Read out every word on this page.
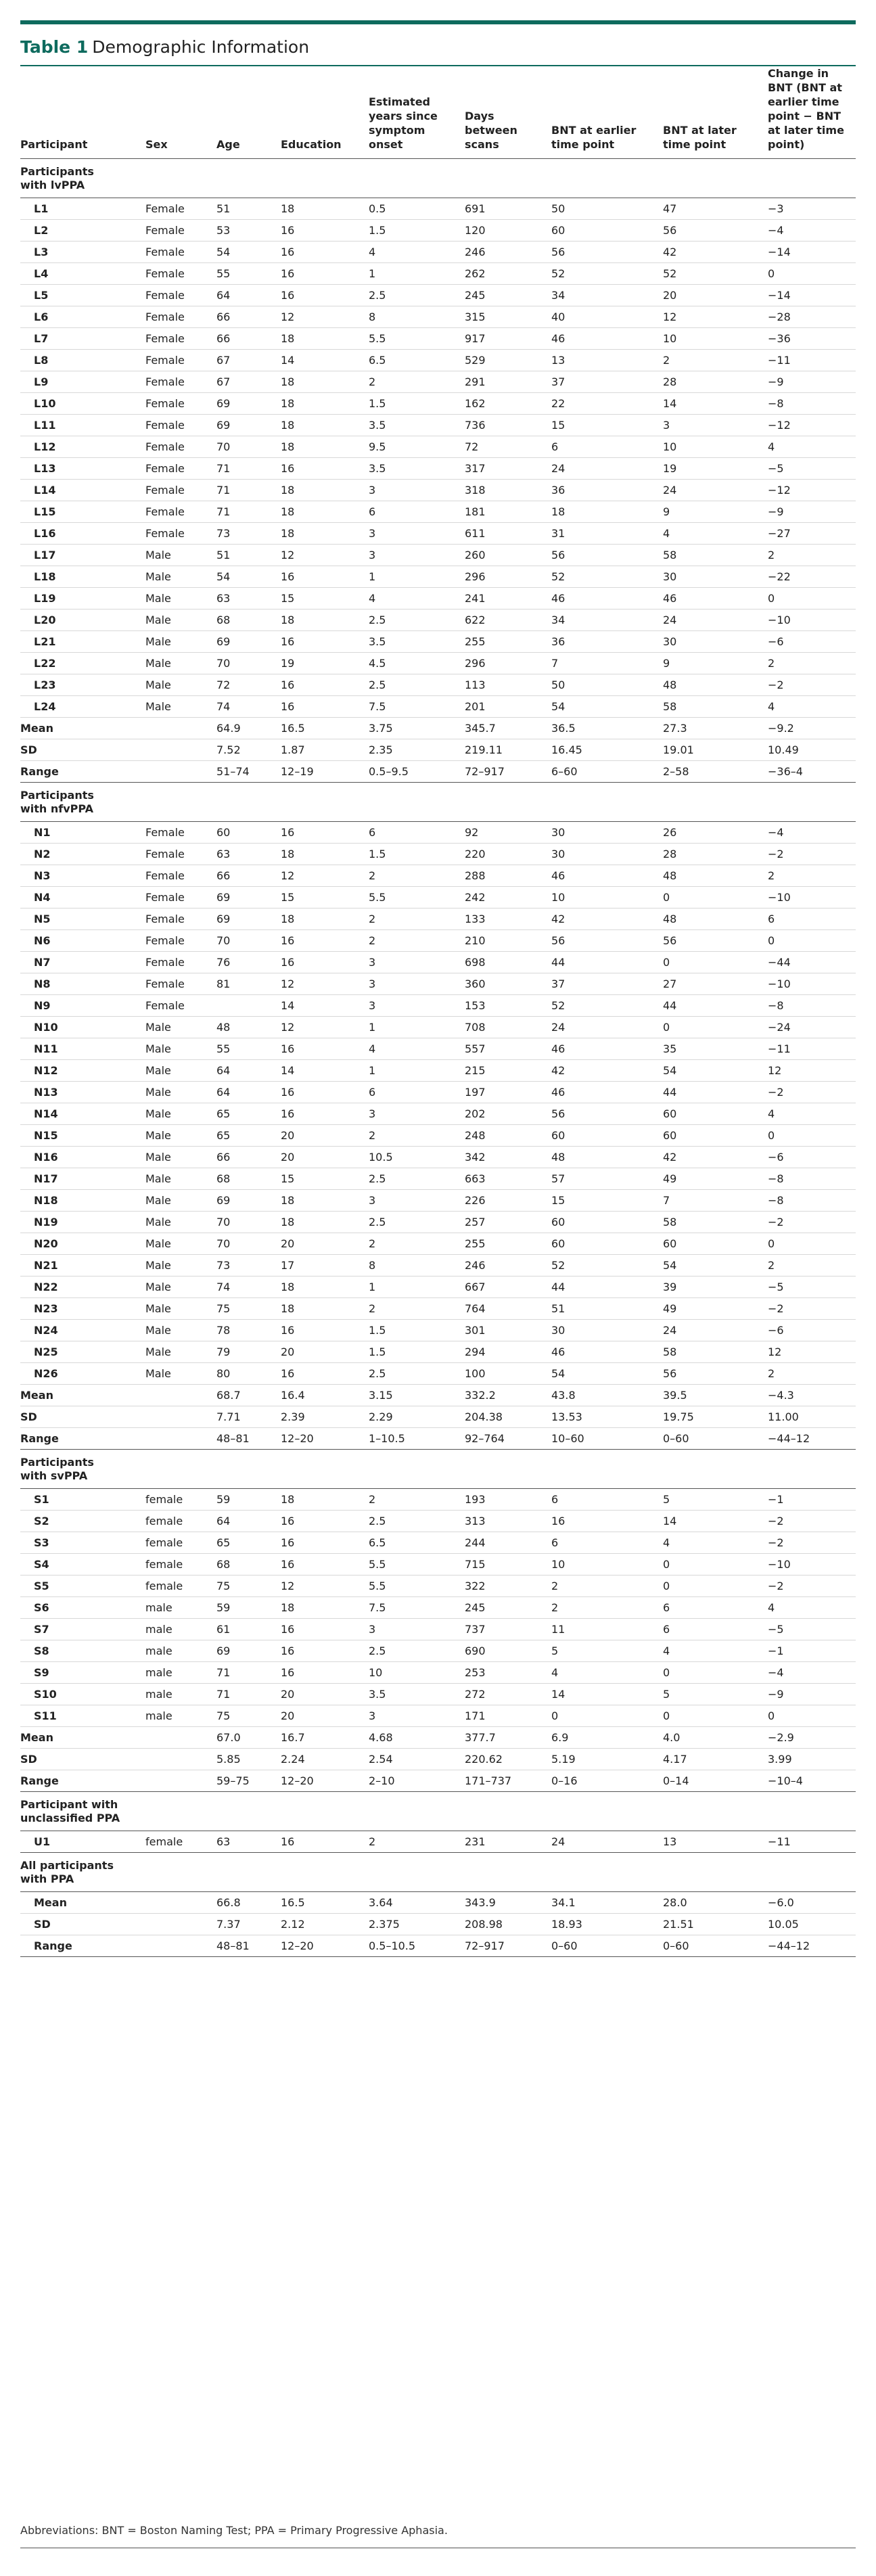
Table 1 Demographic Information
Participant	Sex	Age	Education	Estimated years since symptom onset	Days between scans	BNT at earlier time point	BNT at later time point	Change in BNT (BNT at earlier time point − BNT at later time point)

Participants with lvPPA								

L1	Female	51	18	0.5	691	50	47	−3
L2	Female	53	16	1.5	120	60	56	−4
L3	Female	54	16	4	246	56	42	−14
L4	Female	55	16	1	262	52	52	0
L5	Female	64	16	2.5	245	34	20	−14
L6	Female	66	12	8	315	40	12	−28
L7	Female	66	18	5.5	917	46	10	−36
L8	Female	67	14	6.5	529	13	2	−11
L9	Female	67	18	2	291	37	28	−9
L10	Female	69	18	1.5	162	22	14	−8
L11	Female	69	18	3.5	736	15	3	−12
L12	Female	70	18	9.5	72	6	10	4
L13	Female	71	16	3.5	317	24	19	−5
L14	Female	71	18	3	318	36	24	−12
L15	Female	71	18	6	181	18	9	−9
L16	Female	73	18	3	611	31	4	−27
L17	Male	51	12	3	260	56	58	2
L18	Male	54	16	1	296	52	30	−22
L19	Male	63	15	4	241	46	46	0
L20	Male	68	18	2.5	622	34	24	−10
L21	Male	69	16	3.5	255	36	30	−6
L22	Male	70	19	4.5	296	7	9	2
L23	Male	72	16	2.5	113	50	48	−2
L24	Male	74	16	7.5	201	54	58	4
Mean		64.9	16.5	3.75	345.7	36.5	27.3	−9.2
SD		7.52	1.87	2.35	219.11	16.45	19.01	10.49
Range		51–74	12–19	0.5–9.5	72–917	6–60	2–58	−36–4

Participants with nfvPPA								

N1	Female	60	16	6	92	30	26	−4
N2	Female	63	18	1.5	220	30	28	−2
N3	Female	66	12	2	288	46	48	2
N4	Female	69	15	5.5	242	10	0	−10
N5	Female	69	18	2	133	42	48	6
N6	Female	70	16	2	210	56	56	0
N7	Female	76	16	3	698	44	0	−44
N8	Female	81	12	3	360	37	27	−10
N9	Female		14	3	153	52	44	−8
N10	Male	48	12	1	708	24	0	−24
N11	Male	55	16	4	557	46	35	−11
N12	Male	64	14	1	215	42	54	12
N13	Male	64	16	6	197	46	44	−2
N14	Male	65	16	3	202	56	60	4
N15	Male	65	20	2	248	60	60	0
N16	Male	66	20	10.5	342	48	42	−6
N17	Male	68	15	2.5	663	57	49	−8
N18	Male	69	18	3	226	15	7	−8
N19	Male	70	18	2.5	257	60	58	−2
N20	Male	70	20	2	255	60	60	0
N21	Male	73	17	8	246	52	54	2
N22	Male	74	18	1	667	44	39	−5
N23	Male	75	18	2	764	51	49	−2
N24	Male	78	16	1.5	301	30	24	−6
N25	Male	79	20	1.5	294	46	58	12
N26	Male	80	16	2.5	100	54	56	2
Mean		68.7	16.4	3.15	332.2	43.8	39.5	−4.3
SD		7.71	2.39	2.29	204.38	13.53	19.75	11.00
Range		48–81	12–20	1–10.5	92–764	10–60	0–60	−44–12

Participants with svPPA								

S1	female	59	18	2	193	6	5	−1
S2	female	64	16	2.5	313	16	14	−2
S3	female	65	16	6.5	244	6	4	−2
S4	female	68	16	5.5	715	10	0	−10
S5	female	75	12	5.5	322	2	0	−2
S6	male	59	18	7.5	245	2	6	4
S7	male	61	16	3	737	11	6	−5
S8	male	69	16	2.5	690	5	4	−1
S9	male	71	16	10	253	4	0	−4
S10	male	71	20	3.5	272	14	5	−9
S11	male	75	20	3	171	0	0	0
Mean		67.0	16.7	4.68	377.7	6.9	4.0	−2.9
SD		5.85	2.24	2.54	220.62	5.19	4.17	3.99
Range		59–75	12–20	2–10	171–737	0–16	0–14	−10–4

Participant with unclassified PPA								

U1	female	63	16	2	231	24	13	−11

All participants with PPA								

Mean		66.8	16.5	3.64	343.9	34.1	28.0	−6.0
SD		7.37	2.12	2.375	208.98	18.93	21.51	10.05
Range		48–81	12–20	0.5–10.5	72–917	0–60	0–60	−44–12
Abbreviations: BNT = Boston Naming Test; PPA = Primary Progressive Aphasia.
